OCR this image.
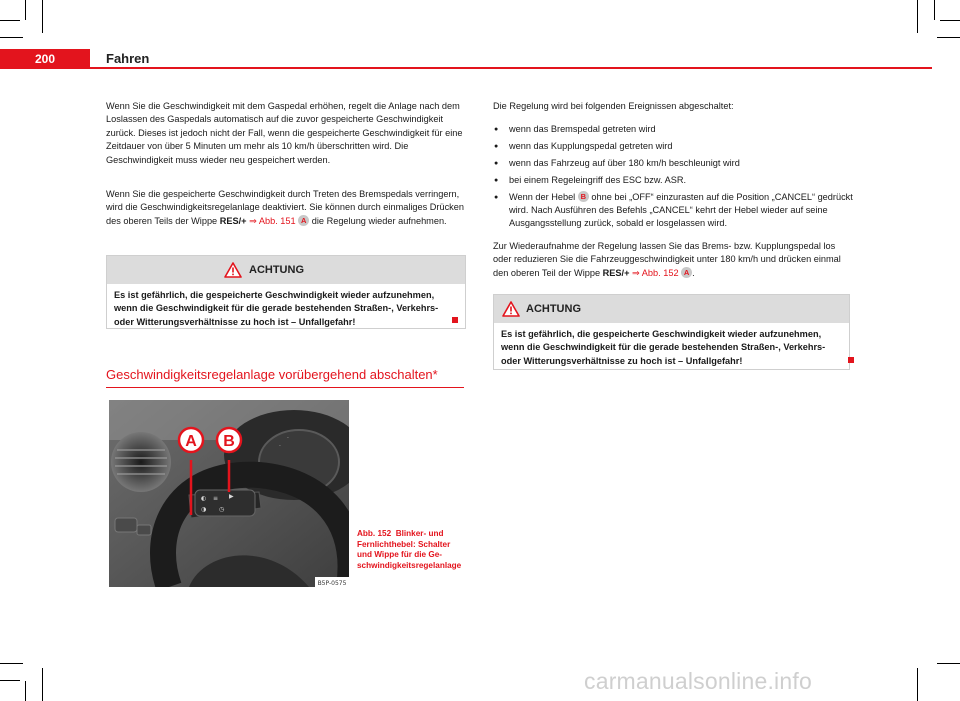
200	Fahren

Wenn Sie die Geschwindigkeit mit dem Gaspedal erhöhen, regelt die Anlage nach dem Loslassen des Gaspedals automatisch auf die zuvor gespeicherte Geschwindigkeit zurück. Dieses ist jedoch nicht der Fall, wenn die gespeicherte Geschwindigkeit für eine Zeitdauer von über 5 Minuten um mehr als 10 km/h überschritten wird. Die Geschwindigkeit muss wieder neu gespeichert werden.

Wenn Sie die gespeicherte Geschwindigkeit durch Treten des Bremspedals verringern, wird die Geschwindigkeitsregelanlage deaktiviert. Sie können durch einmaliges Drücken des oberen Teils der Wippe RES/+ ⇒ Abb. 151 A die Regelung wieder aufnehmen.

ACHTUNG
Es ist gefährlich, die gespeicherte Geschwindigkeit wieder aufzunehmen, wenn die Geschwindigkeit für die gerade bestehenden Straßen-, Verkehrs- oder Witterungsverhältnisse zu hoch ist – Unfallgefahr!
Geschwindigkeitsregelanlage vorübergehend abschalten*
-
·
·
◐ ≡ ▶
◑ ◷
A B
B5P-0575

Abb. 152 Blinker- und Fernlichthebel: Schalter und Wippe für die Geschwindigkeitsregelanlage

Die Regelung wird bei folgenden Ereignissen abgeschaltet:

● wenn das Bremspedal getreten wird
● wenn das Kupplungspedal getreten wird
● wenn das Fahrzeug auf über 180 km/h beschleunigt wird
● bei einem Regeleingriff des ESC bzw. ASR.
● Wenn der Hebel B ohne bei „OFF“ einzurasten auf die Position „CANCEL“ gedrückt wird. Nach Ausführen des Befehls „CANCEL“ kehrt der Hebel wieder auf seine Ausgangsstellung zurück, sobald er losgelassen wird.

Zur Wiederaufnahme der Regelung lassen Sie das Brems- bzw. Kupplungspedal los oder reduzieren Sie die Fahrzeuggeschwindigkeit unter 180 km/h und drücken einmal den oberen Teil der Wippe RES/+ ⇒ Abb. 152 A .

ACHTUNG
Es ist gefährlich, die gespeicherte Geschwindigkeit wieder aufzunehmen, wenn die Geschwindigkeit für die gerade bestehenden Straßen-, Verkehrs- oder Witterungsverhältnisse zu hoch ist – Unfallgefahr!
carmanualsonline.info
